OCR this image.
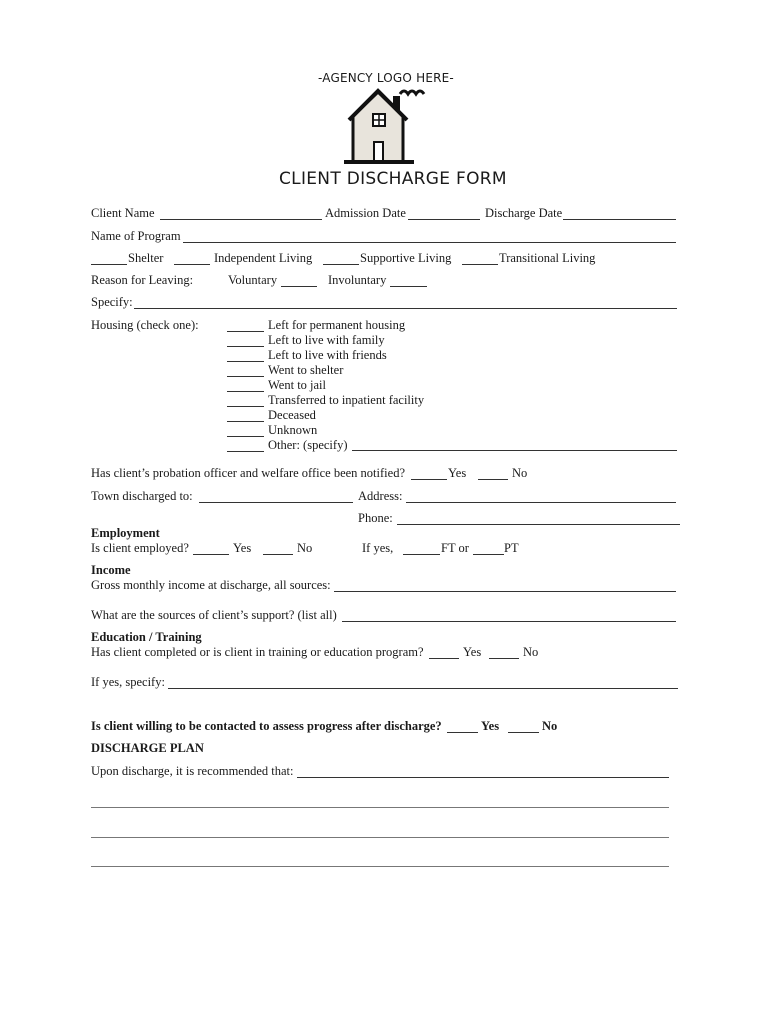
-AGENCY LOGO HERE-
CLIENT DISCHARGE FORM
Client Name	Admission Date	Discharge Date
Name of Program
Shelter	Independent Living	Supportive Living	Transitional Living
Reason for Leaving:	Voluntary	Involuntary
Specify:
Housing (check one):	Left for permanent housing
Left to live with family
Left to live with friends
Went to shelter
Went to jail
Transferred to inpatient facility
Deceased
Unknown
Other: (specify)
Has client’s probation officer and welfare office been notified?	Yes	No
Town discharged to:	Address:
Phone:
Employment
Is client employed?	Yes	No	If yes,	FT or	PT
Income
Gross monthly income at discharge, all sources:
What are the sources of client’s support? (list all)
Education / Training
Has client completed or is client in training or education program?	Yes	No
If yes, specify:
Is client willing to be contacted to assess progress after discharge?	Yes	No
DISCHARGE PLAN
Upon discharge, it is recommended that:
